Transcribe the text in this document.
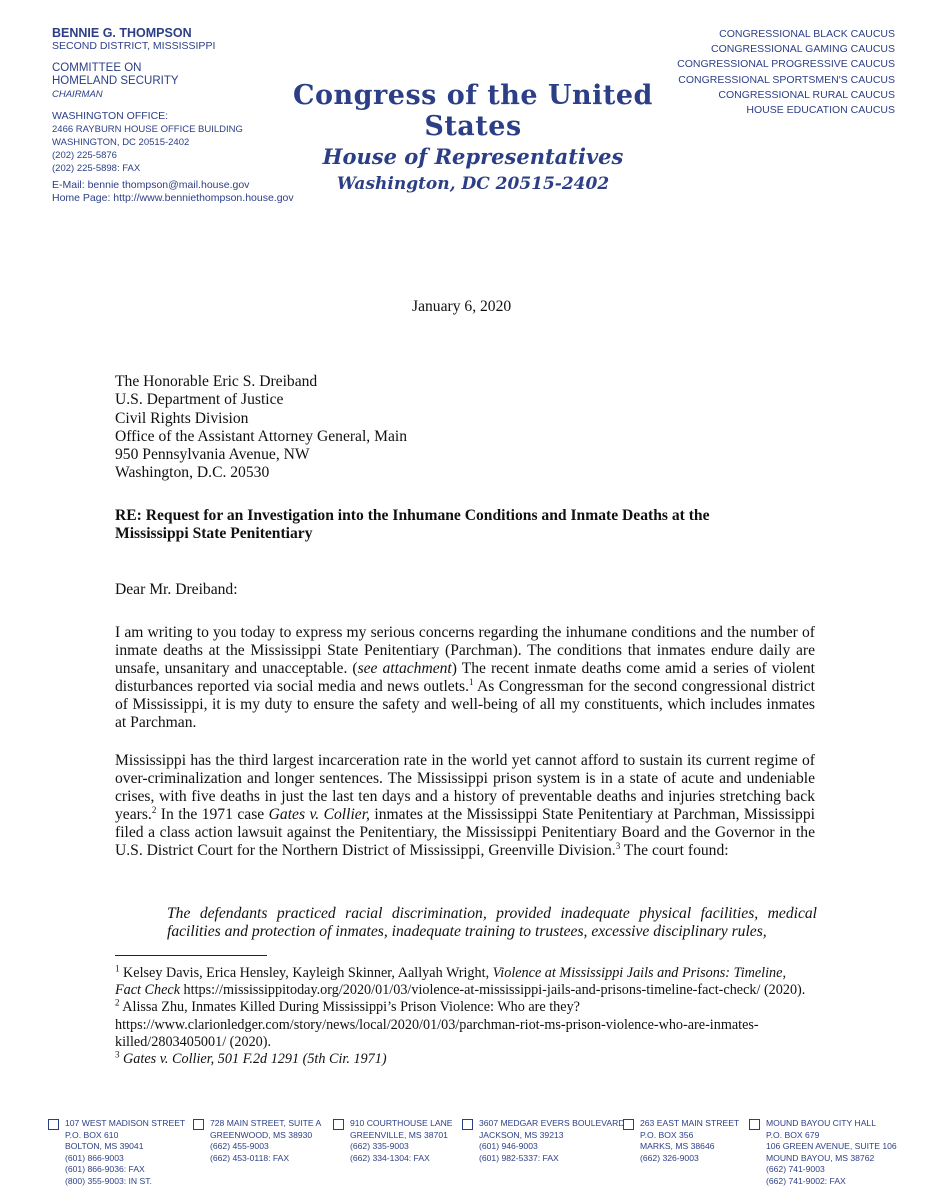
BENNIE G. THOMPSON
SECOND DISTRICT, MISSISSIPPI
COMMITTEE ON
HOMELAND SECURITY
CHAIRMAN
WASHINGTON OFFICE:
2466 RAYBURN HOUSE OFFICE BUILDING
WASHINGTON, DC 20515-2402
(202) 225-5876
(202) 225-5898: FAX
E-Mail: bennie thompson@mail.house.gov
Home Page: http://www.benniethompson.house.gov
Congress of the United States
House of Representatives
Washington, DC 20515-2402
CONGRESSIONAL BLACK CAUCUS
CONGRESSIONAL GAMING CAUCUS
CONGRESSIONAL PROGRESSIVE CAUCUS
CONGRESSIONAL SPORTSMEN'S CAUCUS
CONGRESSIONAL RURAL CAUCUS
HOUSE EDUCATION CAUCUS
January 6, 2020
The Honorable Eric S. Dreiband
U.S. Department of Justice
Civil Rights Division
Office of the Assistant Attorney General, Main
950 Pennsylvania Avenue, NW
Washington, D.C. 20530
RE: Request for an Investigation into the Inhumane Conditions and Inmate Deaths at the
Mississippi State Penitentiary
Dear Mr. Dreiband:
I am writing to you today to express my serious concerns regarding the inhumane conditions and the number of inmate deaths at the Mississippi State Penitentiary (Parchman). The conditions that inmates endure daily are unsafe, unsanitary and unacceptable. (see attachment) The recent inmate deaths come amid a series of violent disturbances reported via social media and news outlets.$^1$ As Congressman for the second congressional district of Mississippi, it is my duty to ensure the safety and well-being of all my constituents, which includes inmates at Parchman.
Mississippi has the third largest incarceration rate in the world yet cannot afford to sustain its current regime of over-criminalization and longer sentences. The Mississippi prison system is in a state of acute and undeniable crises, with five deaths in just the last ten days and a history of preventable deaths and injuries stretching back years.$^2$ In the 1971 case Gates v. Collier, inmates at the Mississippi State Penitentiary at Parchman, Mississippi filed a class action lawsuit against the Penitentiary, the Mississippi Penitentiary Board and the Governor in the U.S. District Court for the Northern District of Mississippi, Greenville Division.$^3$ The court found:
The defendants practiced racial discrimination, provided inadequate physical facilities, medical facilities and protection of inmates, inadequate training to trustees, excessive disciplinary rules,

$^1$ Kelsey Davis, Erica Hensley, Kayleigh Skinner, Aallyah Wright, Violence at Mississippi Jails and Prisons: Timeline, Fact Check https://mississippitoday.org/2020/01/03/violence-at-mississippi-jails-and-prisons-timeline-fact-check/ (2020).

$^2$ Alissa Zhu, Inmates Killed During Mississippi’s Prison Violence: Who are they? https://www.clarionledger.com/story/news/local/2020/01/03/parchman-riot-ms-prison-violence-who-are-inmates-killed/2803405001/ (2020).

$^3$ Gates v. Collier, 501 F.2d 1291 (5th Cir. 1971)

107 WEST MADISON STREET
P.O. BOX 610
BOLTON, MS 39041
(601) 866-9003
(601) 866-9036: FAX
(800) 355-9003: IN ST.
728 MAIN STREET, SUITE A
GREENWOOD, MS 38930
(662) 455-9003
(662) 453-0118: FAX
910 COURTHOUSE LANE
GREENVILLE, MS 38701
(662) 335-9003
(662) 334-1304: FAX
3607 MEDGAR EVERS BOULEVARD
JACKSON, MS 39213
(601) 946-9003
(601) 982-5337: FAX
263 EAST MAIN STREET
P.O. BOX 356
MARKS, MS 38646
(662) 326-9003
MOUND BAYOU CITY HALL
P.O. BOX 679
106 GREEN AVENUE, SUITE 106
MOUND BAYOU, MS 38762
(662) 741-9003
(662) 741-9002: FAX
